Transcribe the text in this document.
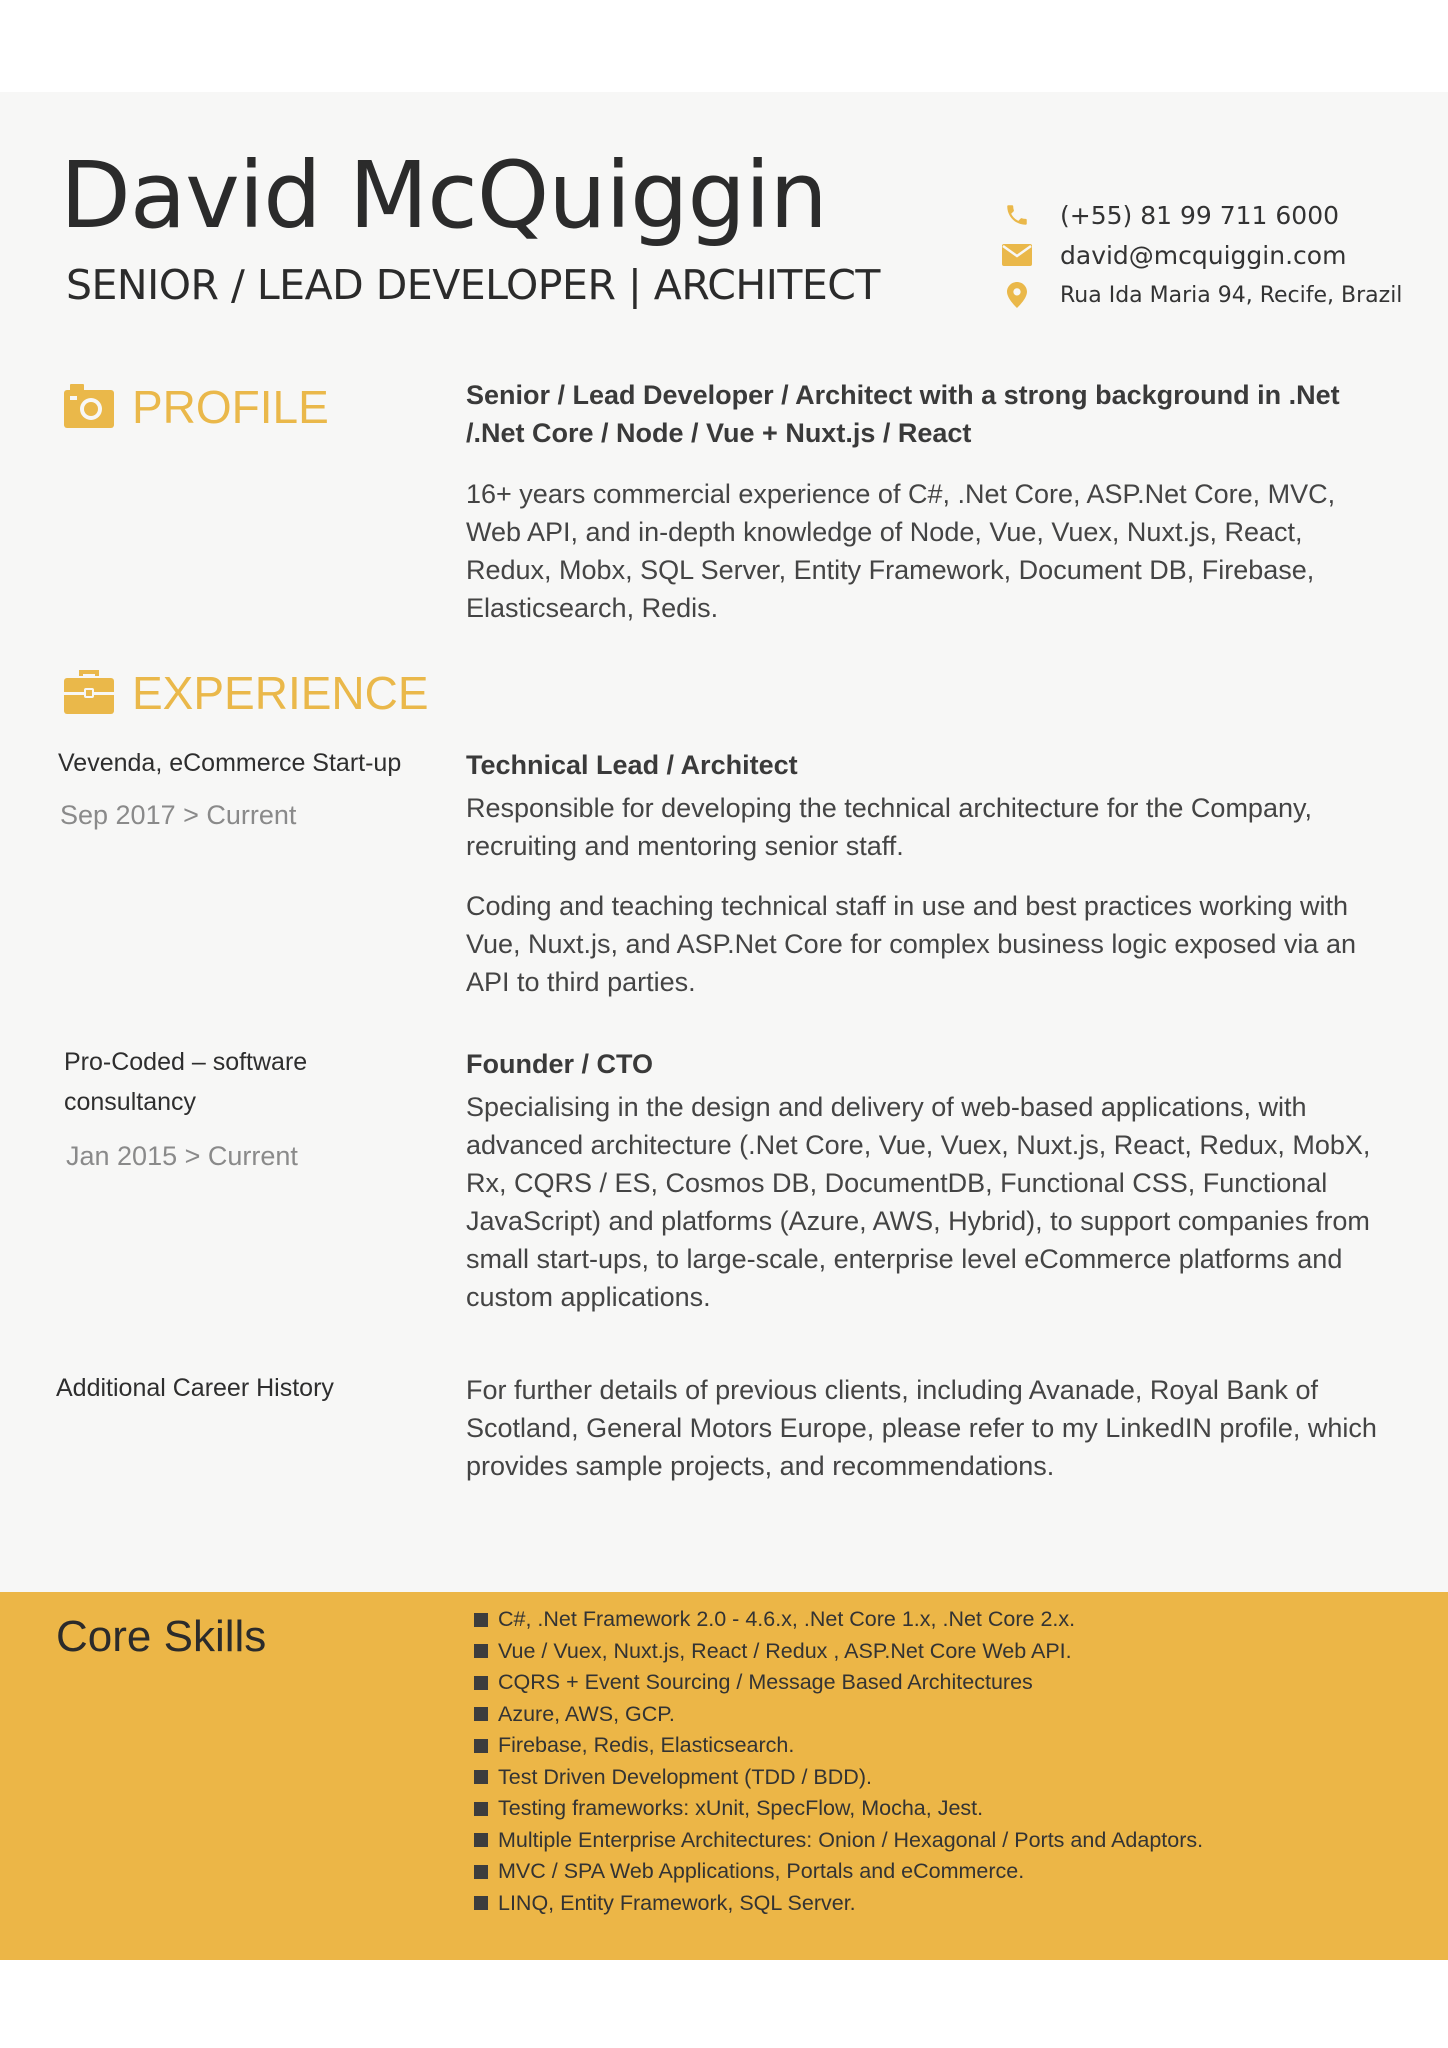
David McQuiggin
SENIOR / LEAD DEVELOPER | ARCHITECT
(+55) 81 99 711 6000
david@mcquiggin.com
Rua Ida Maria 94, Recife, Brazil
PROFILE	Senior / Lead Developer / Architect with a strong background in .Net /.Net Core / Node / Vue + Nuxt.js / React
16+ years commercial experience of C#, .Net Core, ASP.Net Core, MVC, Web API, and in-depth knowledge of Node, Vue, Vuex, Nuxt.js, React, Redux, Mobx, SQL Server, Entity Framework, Document DB, Firebase, Elasticsearch, Redis.
EXPERIENCE
Vevenda, eCommerce Start-up
Sep 2017 > Current
Technical Lead / Architect
Responsible for developing the technical architecture for the Company, recruiting and mentoring senior staff.
Coding and teaching technical staff in use and best practices working with Vue, Nuxt.js, and ASP.Net Core for complex business logic exposed via an API to third parties.
Pro-Coded – software consultancy
Jan 2015 > Current
Founder / CTO
Specialising in the design and delivery of web-based applications, with advanced architecture (.Net Core, Vue, Vuex, Nuxt.js, React, Redux, MobX, Rx, CQRS / ES, Cosmos DB, DocumentDB, Functional CSS, Functional JavaScript) and platforms (Azure, AWS, Hybrid), to support companies from small start-ups, to large-scale, enterprise level eCommerce platforms and custom applications.
Additional Career History	For further details of previous clients, including Avanade, Royal Bank of Scotland, General Motors Europe, please refer to my LinkedIN profile, which provides sample projects, and recommendations.
Core Skills	C#, .Net Framework 2.0 - 4.6.x, .Net Core 1.x, .Net Core 2.x.
Vue / Vuex, Nuxt.js, React / Redux , ASP.Net Core Web API.
CQRS + Event Sourcing / Message Based Architectures
Azure, AWS, GCP.
Firebase, Redis, Elasticsearch.
Test Driven Development (TDD / BDD).
Testing frameworks: xUnit, SpecFlow, Mocha, Jest.
Multiple Enterprise Architectures: Onion / Hexagonal / Ports and Adaptors.
MVC / SPA Web Applications, Portals and eCommerce.
LINQ, Entity Framework, SQL Server.
